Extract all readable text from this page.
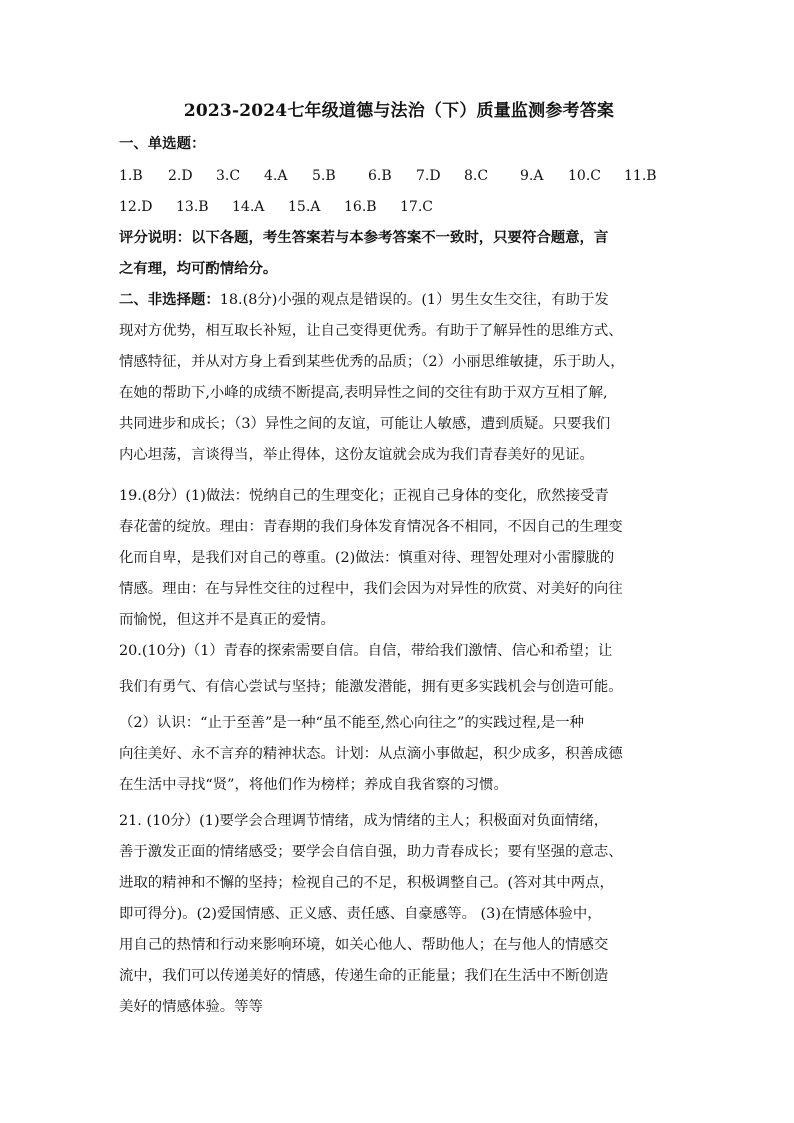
2023-2024七年级道德与法治（下）质量监测参考答案
一、单选题：
1.B 2.D 3.C 4.A 5.B 6.B 7.D 8.C 9.A 10.C 11.B
12.D 13.B 14.A 15.A 16.B 17.C
评分说明：以下各题，考生答案若与本参考答案不一致时，只要符合题意，言
之有理，均可酌情给分。
二、非选择题：18.(8分)小强的观点是错误的。(1）男生女生交往，有助于发
现对方优势，相互取长补短，让自己变得更优秀。有助于了解异性的思维方式、
情感特征，并从对方身上看到某些优秀的品质；（2）小丽思维敏捷，乐于助人，
在她的帮助下,小峰的成绩不断提高,表明异性之间的交往有助于双方互相了解,
共同进步和成长；（3）异性之间的友谊，可能让人敏感，遭到质疑。只要我们
内心坦荡，言谈得当，举止得体，这份友谊就会成为我们青春美好的见证。
19.(8分）(1)做法：悦纳自己的生理变化；正视自己身体的变化，欣然接受青
春花蕾的绽放。理由：青春期的我们身体发育情况各不相同，不因自己的生理变
化而自卑，是我们对自己的尊重。(2)做法：慎重对待、理智处理对小雷朦胧的
情感。理由：在与异性交往的过程中，我们会因为对异性的欣赏、对美好的向往
而愉悦，但这并不是真正的爱情。
20.(10分)（1）青春的探索需要自信。自信，带给我们激情、信心和希望；让
我们有勇气、有信心尝试与坚持；能激发潜能，拥有更多实践机会与创造可能。
（2）认识：“止于至善”是一种“虽不能至,然心向往之”的实践过程,是一种
向往美好、永不言弃的精神状态。计划：从点滴小事做起，积少成多，积善成德
在生活中寻找“贤”，将他们作为榜样；养成自我省察的习惯。
21. (10分）(1)要学会合理调节情绪，成为情绪的主人；积极面对负面情绪，
善于激发正面的情绪感受；要学会自信自强，助力青春成长；要有坚强的意志、
进取的精神和不懈的坚持；检视自己的不足，积极调整自己。(答对其中两点，
即可得分)。(2)爱国情感、正义感、责任感、自豪感等。 (3)在情感体验中，
用自己的热情和行动来影响环境，如关心他人、帮助他人；在与他人的情感交
流中，我们可以传递美好的情感，传递生命的正能量；我们在生活中不断创造
美好的情感体验。等等
